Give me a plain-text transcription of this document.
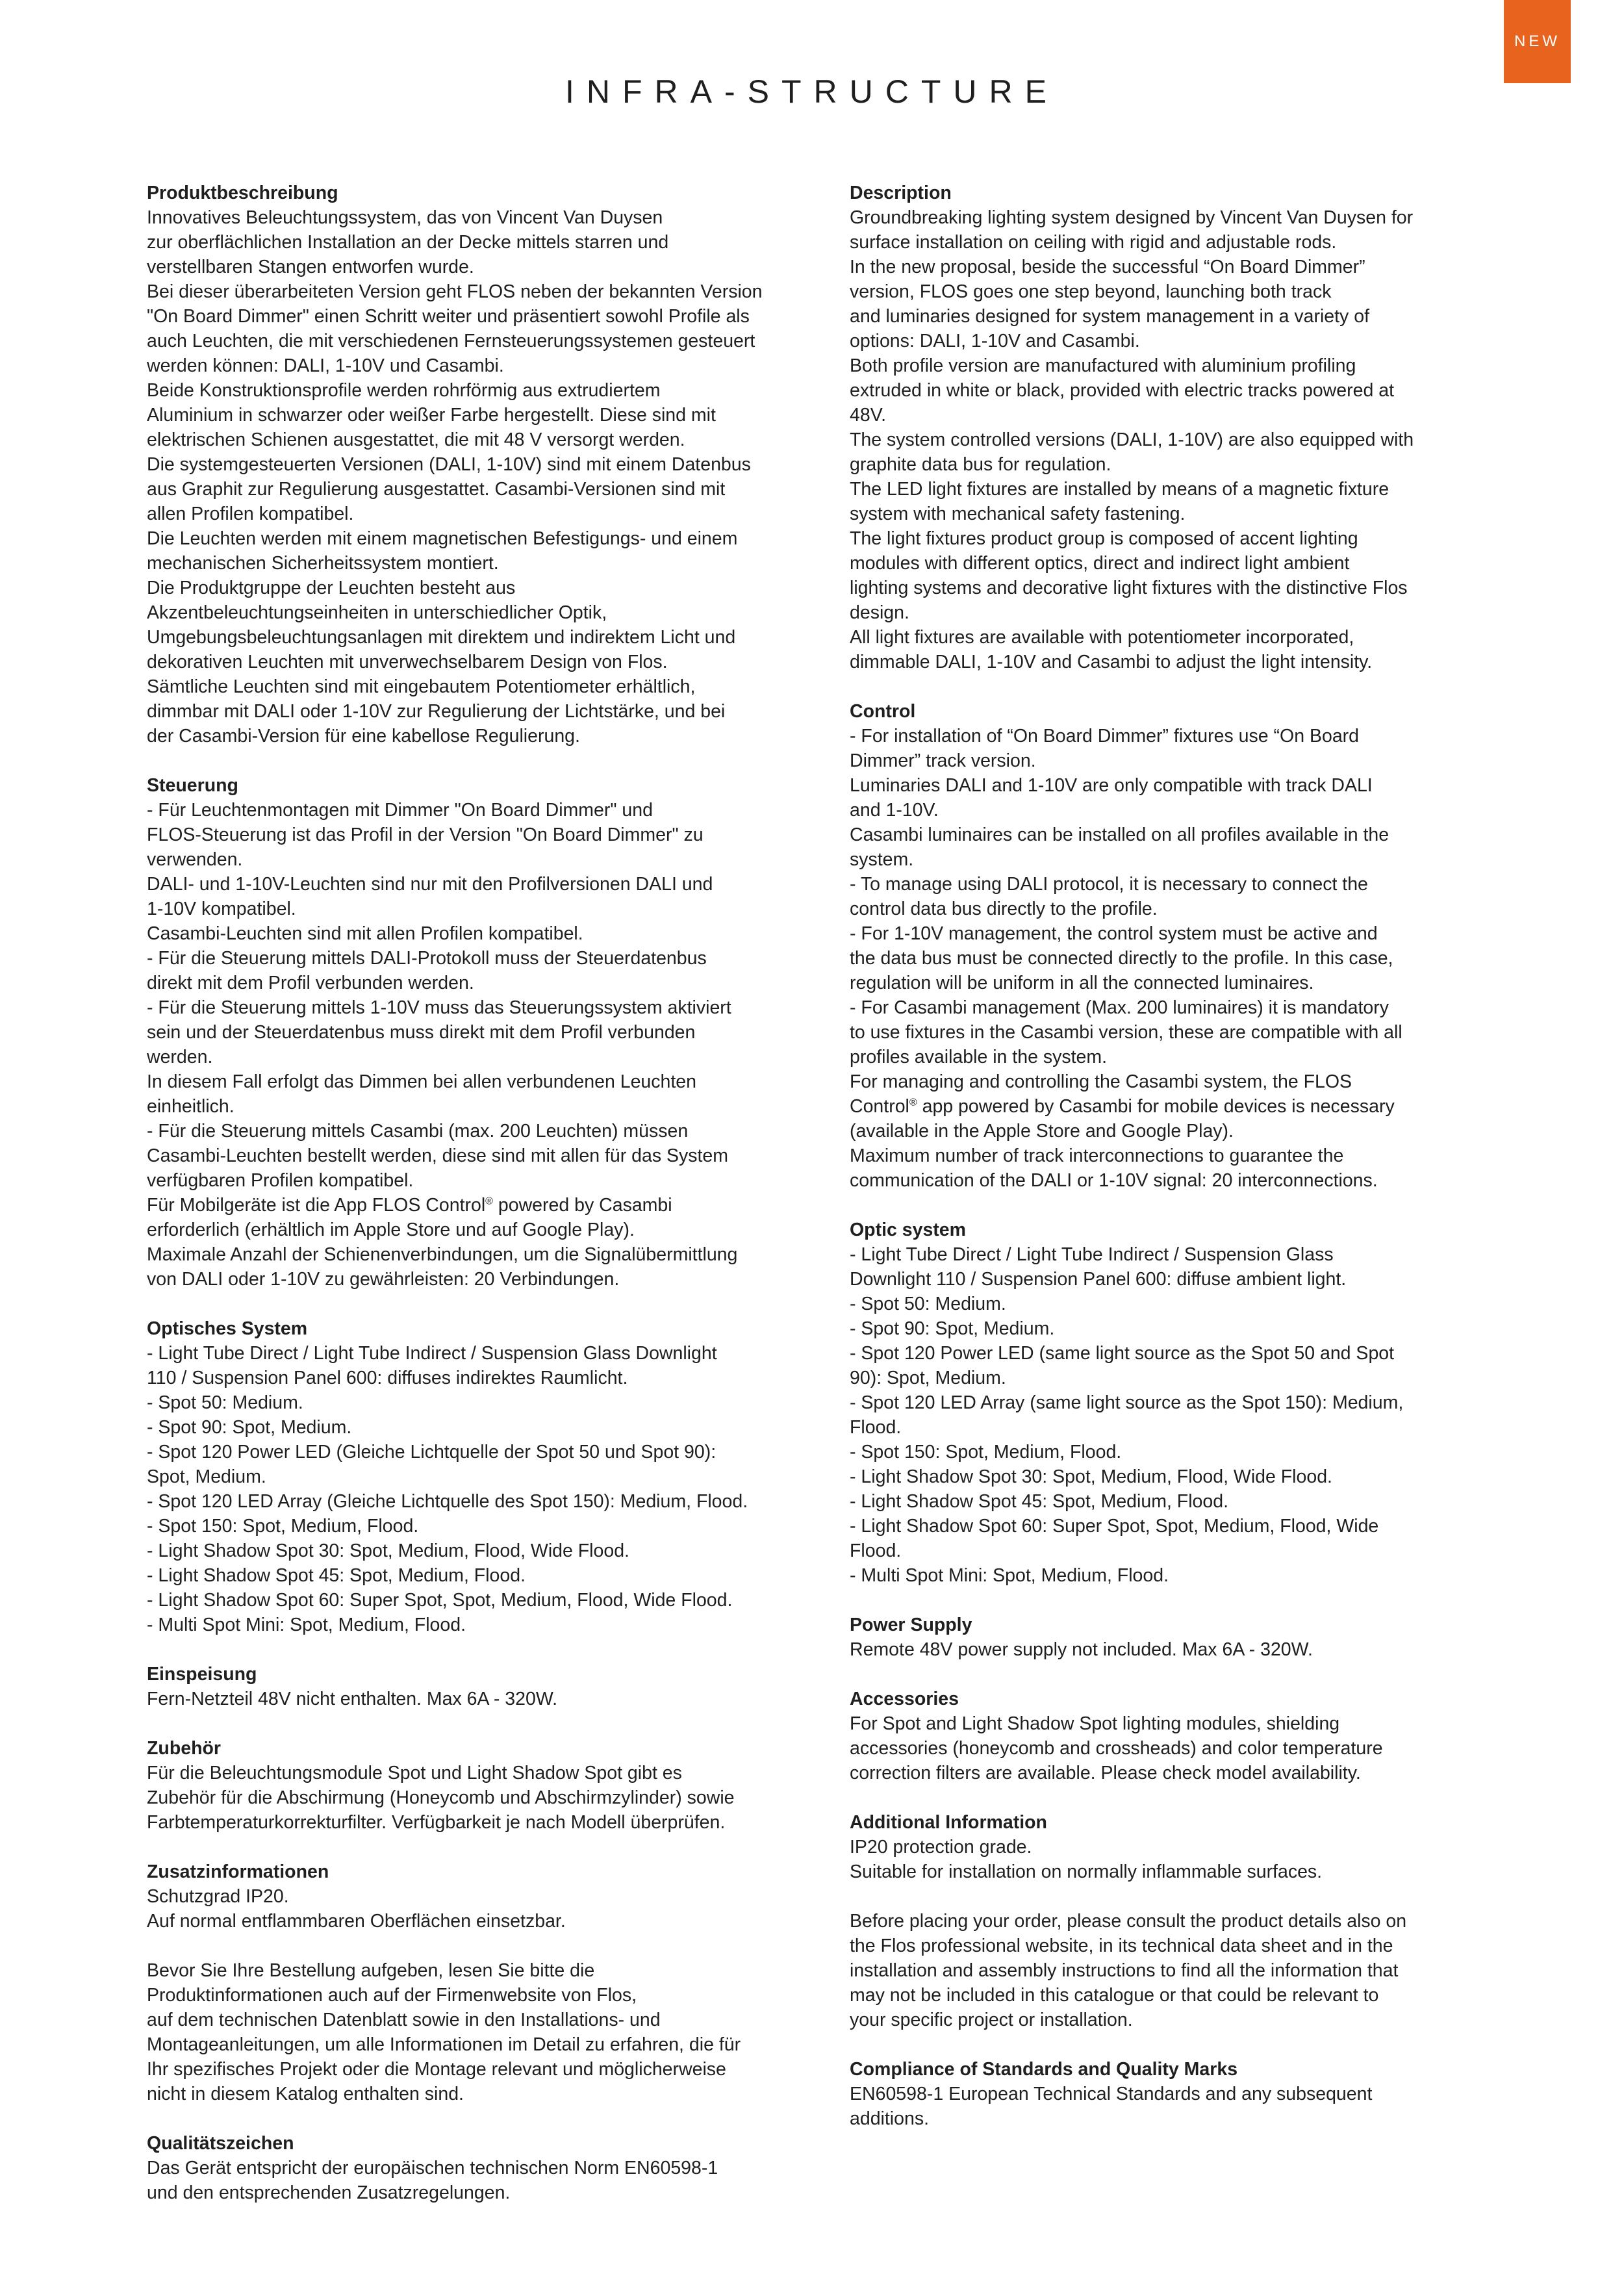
NEW
INFRA-STRUCTURE
Produktbeschreibung

Innovatives Beleuchtungssystem, das von Vincent Van Duysen

zur oberflächlichen Installation an der Decke mittels starren und

verstellbaren Stangen entworfen wurde.

Bei dieser überarbeiteten Version geht FLOS neben der bekannten Version

"On Board Dimmer" einen Schritt weiter und präsentiert sowohl Profile als

auch Leuchten, die mit verschiedenen Fernsteuerungssystemen gesteuert

werden können: DALI, 1-10V und Casambi.

Beide Konstruktionsprofile werden rohrförmig aus extrudiertem

Aluminium in schwarzer oder weißer Farbe hergestellt. Diese sind mit

elektrischen Schienen ausgestattet, die mit 48 V versorgt werden.

Die systemgesteuerten Versionen (DALI, 1-10V) sind mit einem Datenbus

aus Graphit zur Regulierung ausgestattet. Casambi-Versionen sind mit

allen Profilen kompatibel.

Die Leuchten werden mit einem magnetischen Befestigungs- und einem

mechanischen Sicherheitssystem montiert.

Die Produktgruppe der Leuchten besteht aus

Akzentbeleuchtungseinheiten in unterschiedlicher Optik,

Umgebungsbeleuchtungsanlagen mit direktem und indirektem Licht und

dekorativen Leuchten mit unverwechselbarem Design von Flos.

Sämtliche Leuchten sind mit eingebautem Potentiometer erhältlich,

dimmbar mit DALI oder 1-10V zur Regulierung der Lichtstärke, und bei

der Casambi-Version für eine kabellose Regulierung.

Steuerung

- Für Leuchtenmontagen mit Dimmer "On Board Dimmer" und

FLOS-Steuerung ist das Profil in der Version "On Board Dimmer" zu

verwenden.

DALI- und 1-10V-Leuchten sind nur mit den Profilversionen DALI und

1-10V kompatibel.

Casambi-Leuchten sind mit allen Profilen kompatibel.

- Für die Steuerung mittels DALI-Protokoll muss der Steuerdatenbus

direkt mit dem Profil verbunden werden.

- Für die Steuerung mittels 1-10V muss das Steuerungssystem aktiviert

sein und der Steuerdatenbus muss direkt mit dem Profil verbunden

werden.

In diesem Fall erfolgt das Dimmen bei allen verbundenen Leuchten

einheitlich.

- Für die Steuerung mittels Casambi (max. 200 Leuchten) müssen

Casambi-Leuchten bestellt werden, diese sind mit allen für das System

verfügbaren Profilen kompatibel.

Für Mobilgeräte ist die App FLOS Control® powered by Casambi

erforderlich (erhältlich im Apple Store und auf Google Play).

Maximale Anzahl der Schienenverbindungen, um die Signalübermittlung

von DALI oder 1-10V zu gewährleisten: 20 Verbindungen.

Optisches System

- Light Tube Direct / Light Tube Indirect / Suspension Glass Downlight

110 / Suspension Panel 600: diffuses indirektes Raumlicht.

- Spot 50: Medium.

- Spot 90: Spot, Medium.

- Spot 120 Power LED (Gleiche Lichtquelle der Spot 50 und Spot 90):

Spot, Medium.

- Spot 120 LED Array (Gleiche Lichtquelle des Spot 150): Medium, Flood.

- Spot 150: Spot, Medium, Flood.

- Light Shadow Spot 30: Spot, Medium, Flood, Wide Flood.

- Light Shadow Spot 45: Spot, Medium, Flood.

- Light Shadow Spot 60: Super Spot, Spot, Medium, Flood, Wide Flood.

- Multi Spot Mini: Spot, Medium, Flood.

Einspeisung

Fern-Netzteil 48V nicht enthalten. Max 6A - 320W.

Zubehör

Für die Beleuchtungsmodule Spot und Light Shadow Spot gibt es

Zubehör für die Abschirmung (Honeycomb und Abschirmzylinder) sowie

Farbtemperaturkorrekturfilter. Verfügbarkeit je nach Modell überprüfen.

Zusatzinformationen

Schutzgrad IP20.

Auf normal entflammbaren Oberflächen einsetzbar.

Bevor Sie Ihre Bestellung aufgeben, lesen Sie bitte die

Produktinformationen auch auf der Firmenwebsite von Flos,

auf dem technischen Datenblatt sowie in den Installations- und

Montageanleitungen, um alle Informationen im Detail zu erfahren, die für

Ihr spezifisches Projekt oder die Montage relevant und möglicherweise

nicht in diesem Katalog enthalten sind.

Qualitätszeichen

Das Gerät entspricht der europäischen technischen Norm EN60598-1

und den entsprechenden Zusatzregelungen.

Description

Groundbreaking lighting system designed by Vincent Van Duysen for

surface installation on ceiling with rigid and adjustable rods.

In the new proposal, beside the successful “On Board Dimmer”

version, FLOS goes one step beyond, launching both track

and luminaries designed for system management in a variety of

options: DALI, 1-10V and Casambi.

Both profile version are manufactured with aluminium profiling

extruded in white or black, provided with electric tracks powered at

48V.

The system controlled versions (DALI, 1-10V) are also equipped with

graphite data bus for regulation.

The LED light fixtures are installed by means of a magnetic fixture

system with mechanical safety fastening.

The light fixtures product group is composed of accent lighting

modules with different optics, direct and indirect light ambient

lighting systems and decorative light fixtures with the distinctive Flos

design.

All light fixtures are available with potentiometer incorporated,

dimmable DALI, 1-10V and Casambi to adjust the light intensity.

Control

- For installation of “On Board Dimmer” fixtures use “On Board

Dimmer” track version.

Luminaries DALI and 1-10V are only compatible with track DALI

and 1-10V.

Casambi luminaires can be installed on all profiles available in the

system.

- To manage using DALI protocol, it is necessary to connect the

control data bus directly to the profile.

- For 1-10V management, the control system must be active and

the data bus must be connected directly to the profile. In this case,

regulation will be uniform in all the connected luminaires.

- For Casambi management (Max. 200 luminaires) it is mandatory

to use fixtures in the Casambi version, these are compatible with all

profiles available in the system.

For managing and controlling the Casambi system, the FLOS

Control® app powered by Casambi for mobile devices is necessary

(available in the Apple Store and Google Play).

Maximum number of track interconnections to guarantee the

communication of the DALI or 1-10V signal: 20 interconnections.

Optic system

- Light Tube Direct / Light Tube Indirect / Suspension Glass

Downlight 110 / Suspension Panel 600: diffuse ambient light.

- Spot 50: Medium.

- Spot 90: Spot, Medium.

- Spot 120 Power LED (same light source as the Spot 50 and Spot

90): Spot, Medium.

- Spot 120 LED Array (same light source as the Spot 150): Medium,

Flood.

- Spot 150: Spot, Medium, Flood.

- Light Shadow Spot 30: Spot, Medium, Flood, Wide Flood.

- Light Shadow Spot 45: Spot, Medium, Flood.

- Light Shadow Spot 60: Super Spot, Spot, Medium, Flood, Wide

Flood.

- Multi Spot Mini: Spot, Medium, Flood.

Power Supply

Remote 48V power supply not included. Max 6A - 320W.

Accessories

For Spot and Light Shadow Spot lighting modules, shielding

accessories (honeycomb and crossheads) and color temperature

correction filters are available. Please check model availability.

Additional Information

IP20 protection grade.

Suitable for installation on normally inflammable surfaces.

Before placing your order, please consult the product details also on

the Flos professional website, in its technical data sheet and in the

installation and assembly instructions to find all the information that

may not be included in this catalogue or that could be relevant to

your specific project or installation.

Compliance of Standards and Quality Marks

EN60598-1 European Technical Standards and any subsequent

additions.
